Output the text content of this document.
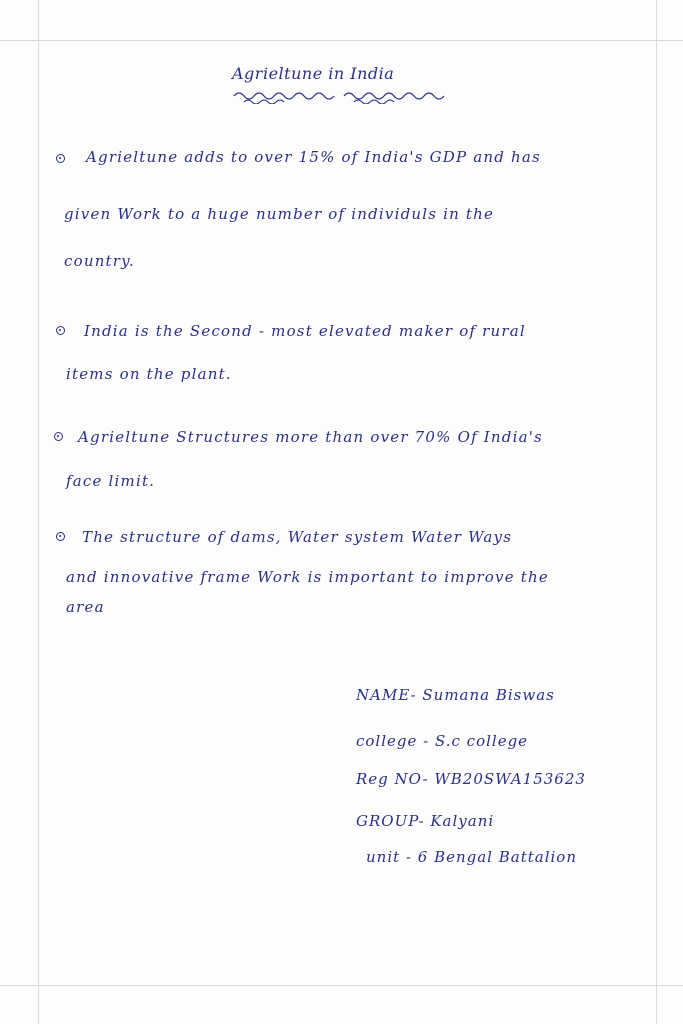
Agrieltune in India
Agrieltune adds to over 15% of India's GDP and has
given Work to a huge number of individuls in the
country.
India is the Second - most elevated maker of rural
items on the plant.
Agrieltune Structures more than over 70% Of India's
face limit.
The structure of dams, Water system Water Ways
and innovative frame Work is important to improve the
area
NAME- Sumana Biswas
college - S.c college
Reg NO- WB20SWA153623
GROUP- Kalyani
unit - 6 Bengal Battalion
